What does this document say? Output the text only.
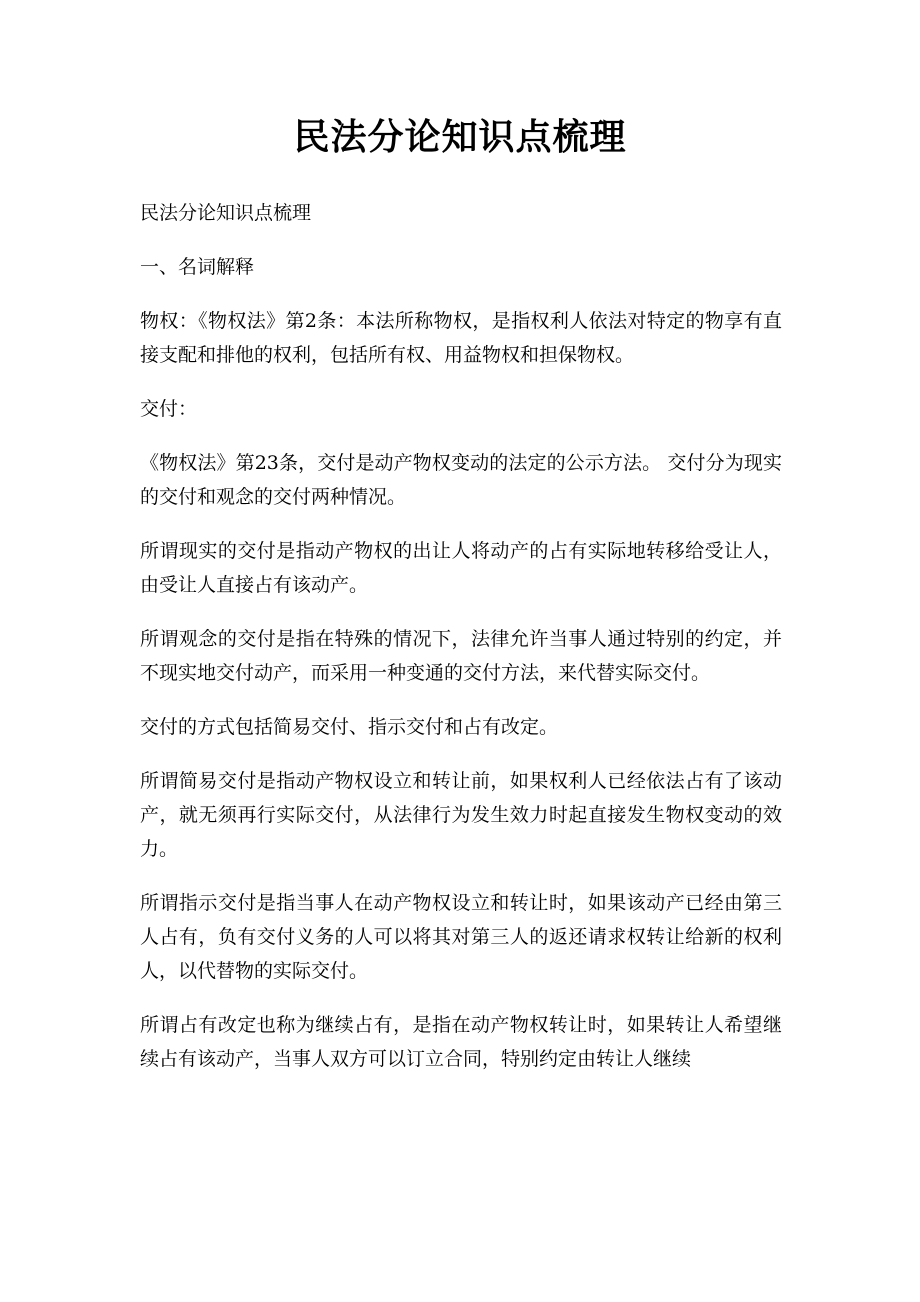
民法分论知识点梳理

民法分论知识点梳理

一、名词解释

物权：《物权法》第2条：本法所称物权，是指权利人依法对特定的物享有直接支配和排他的权利，包括所有权、用益物权和担保物权。

交付：

《物权法》第23条，交付是动产物权变动的法定的公示方法。 交付分为现实的交付和观念的交付两种情况。

所谓现实的交付是指动产物权的出让人将动产的占有实际地转移给受让人，由受让人直接占有该动产。

所谓观念的交付是指在特殊的情况下，法律允许当事人通过特别的约定，并不现实地交付动产，而采用一种变通的交付方法，来代替实际交付。

交付的方式包括简易交付、指示交付和占有改定。

所谓简易交付是指动产物权设立和转让前，如果权利人已经依法占有了该动产，就无须再行实际交付，从法律行为发生效力时起直接发生物权变动的效力。

所谓指示交付是指当事人在动产物权设立和转让时，如果该动产已经由第三人占有，负有交付义务的人可以将其对第三人的返还请求权转让给新的权利人，以代替物的实际交付。

所谓占有改定也称为继续占有，是指在动产物权转让时，如果转让人希望继续占有该动产，当事人双方可以订立合同，特别约定由转让人继续
